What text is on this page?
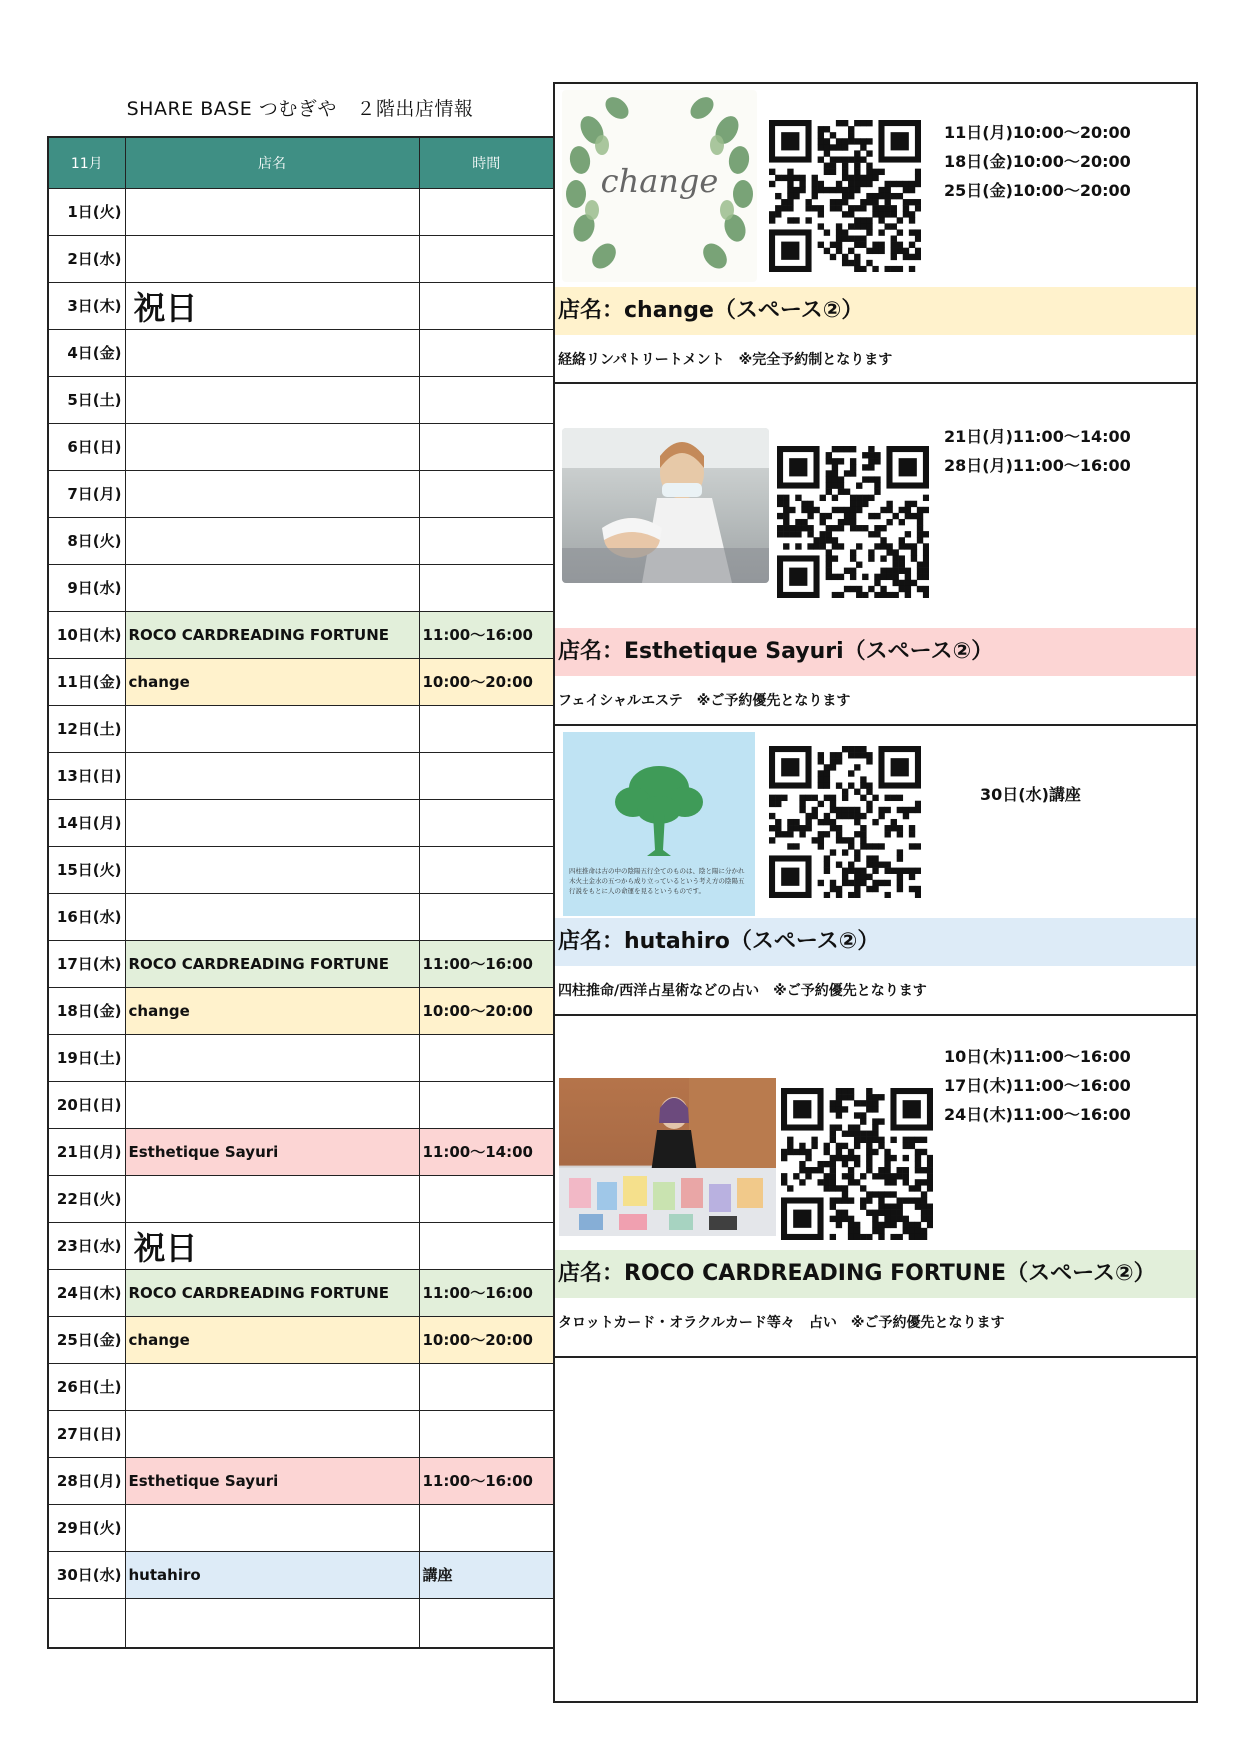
SHARE BASE つむぎや　２階出店情報
11月	店名	時間
1日(火)		
2日(水)		
3日(木)	祝日	
4日(金)		
5日(土)		
6日(日)		
7日(月)		
8日(火)		
9日(水)		
10日(木)	ROCO CARDREADING FORTUNE	11:00〜16:00
11日(金)	change	10:00〜20:00
12日(土)		
13日(日)		
14日(月)		
15日(火)		
16日(水)		
17日(木)	ROCO CARDREADING FORTUNE	11:00〜16:00
18日(金)	change	10:00〜20:00
19日(土)		
20日(日)		
21日(月)	Esthetique Sayuri	11:00〜14:00
22日(火)		
23日(水)	祝日	
24日(木)	ROCO CARDREADING FORTUNE	11:00〜16:00
25日(金)	change	10:00〜20:00
26日(土)		
27日(日)		
28日(月)	Esthetique Sayuri	11:00〜16:00
29日(火)		
30日(水)	hutahiro	講座

change
11日(月)10:00〜20:00
18日(金)10:00〜20:00
25日(金)10:00〜20:00
店名：change（スペース②）
経絡リンパトリートメント　※完全予約制となります
21日(月)11:00〜14:00
28日(月)11:00〜16:00
店名：Esthetique Sayuri（スペース②）
フェイシャルエステ　※ご予約優先となります
四柱推命は古の中の陰陽五行全てのものは、陰と陽に分かれ木火土金水の五つから成り立っているという考え方の陰陽五行説をもとに人の命運を見るというものです。
30日(水)講座
店名：hutahiro（スペース②）
四柱推命/西洋占星術などの占い　※ご予約優先となります
10日(木)11:00〜16:00
17日(木)11:00〜16:00
24日(木)11:00〜16:00
店名：ROCO CARDREADING FORTUNE（スペース②）
タロットカード・オラクルカード等々　占い　※ご予約優先となります
